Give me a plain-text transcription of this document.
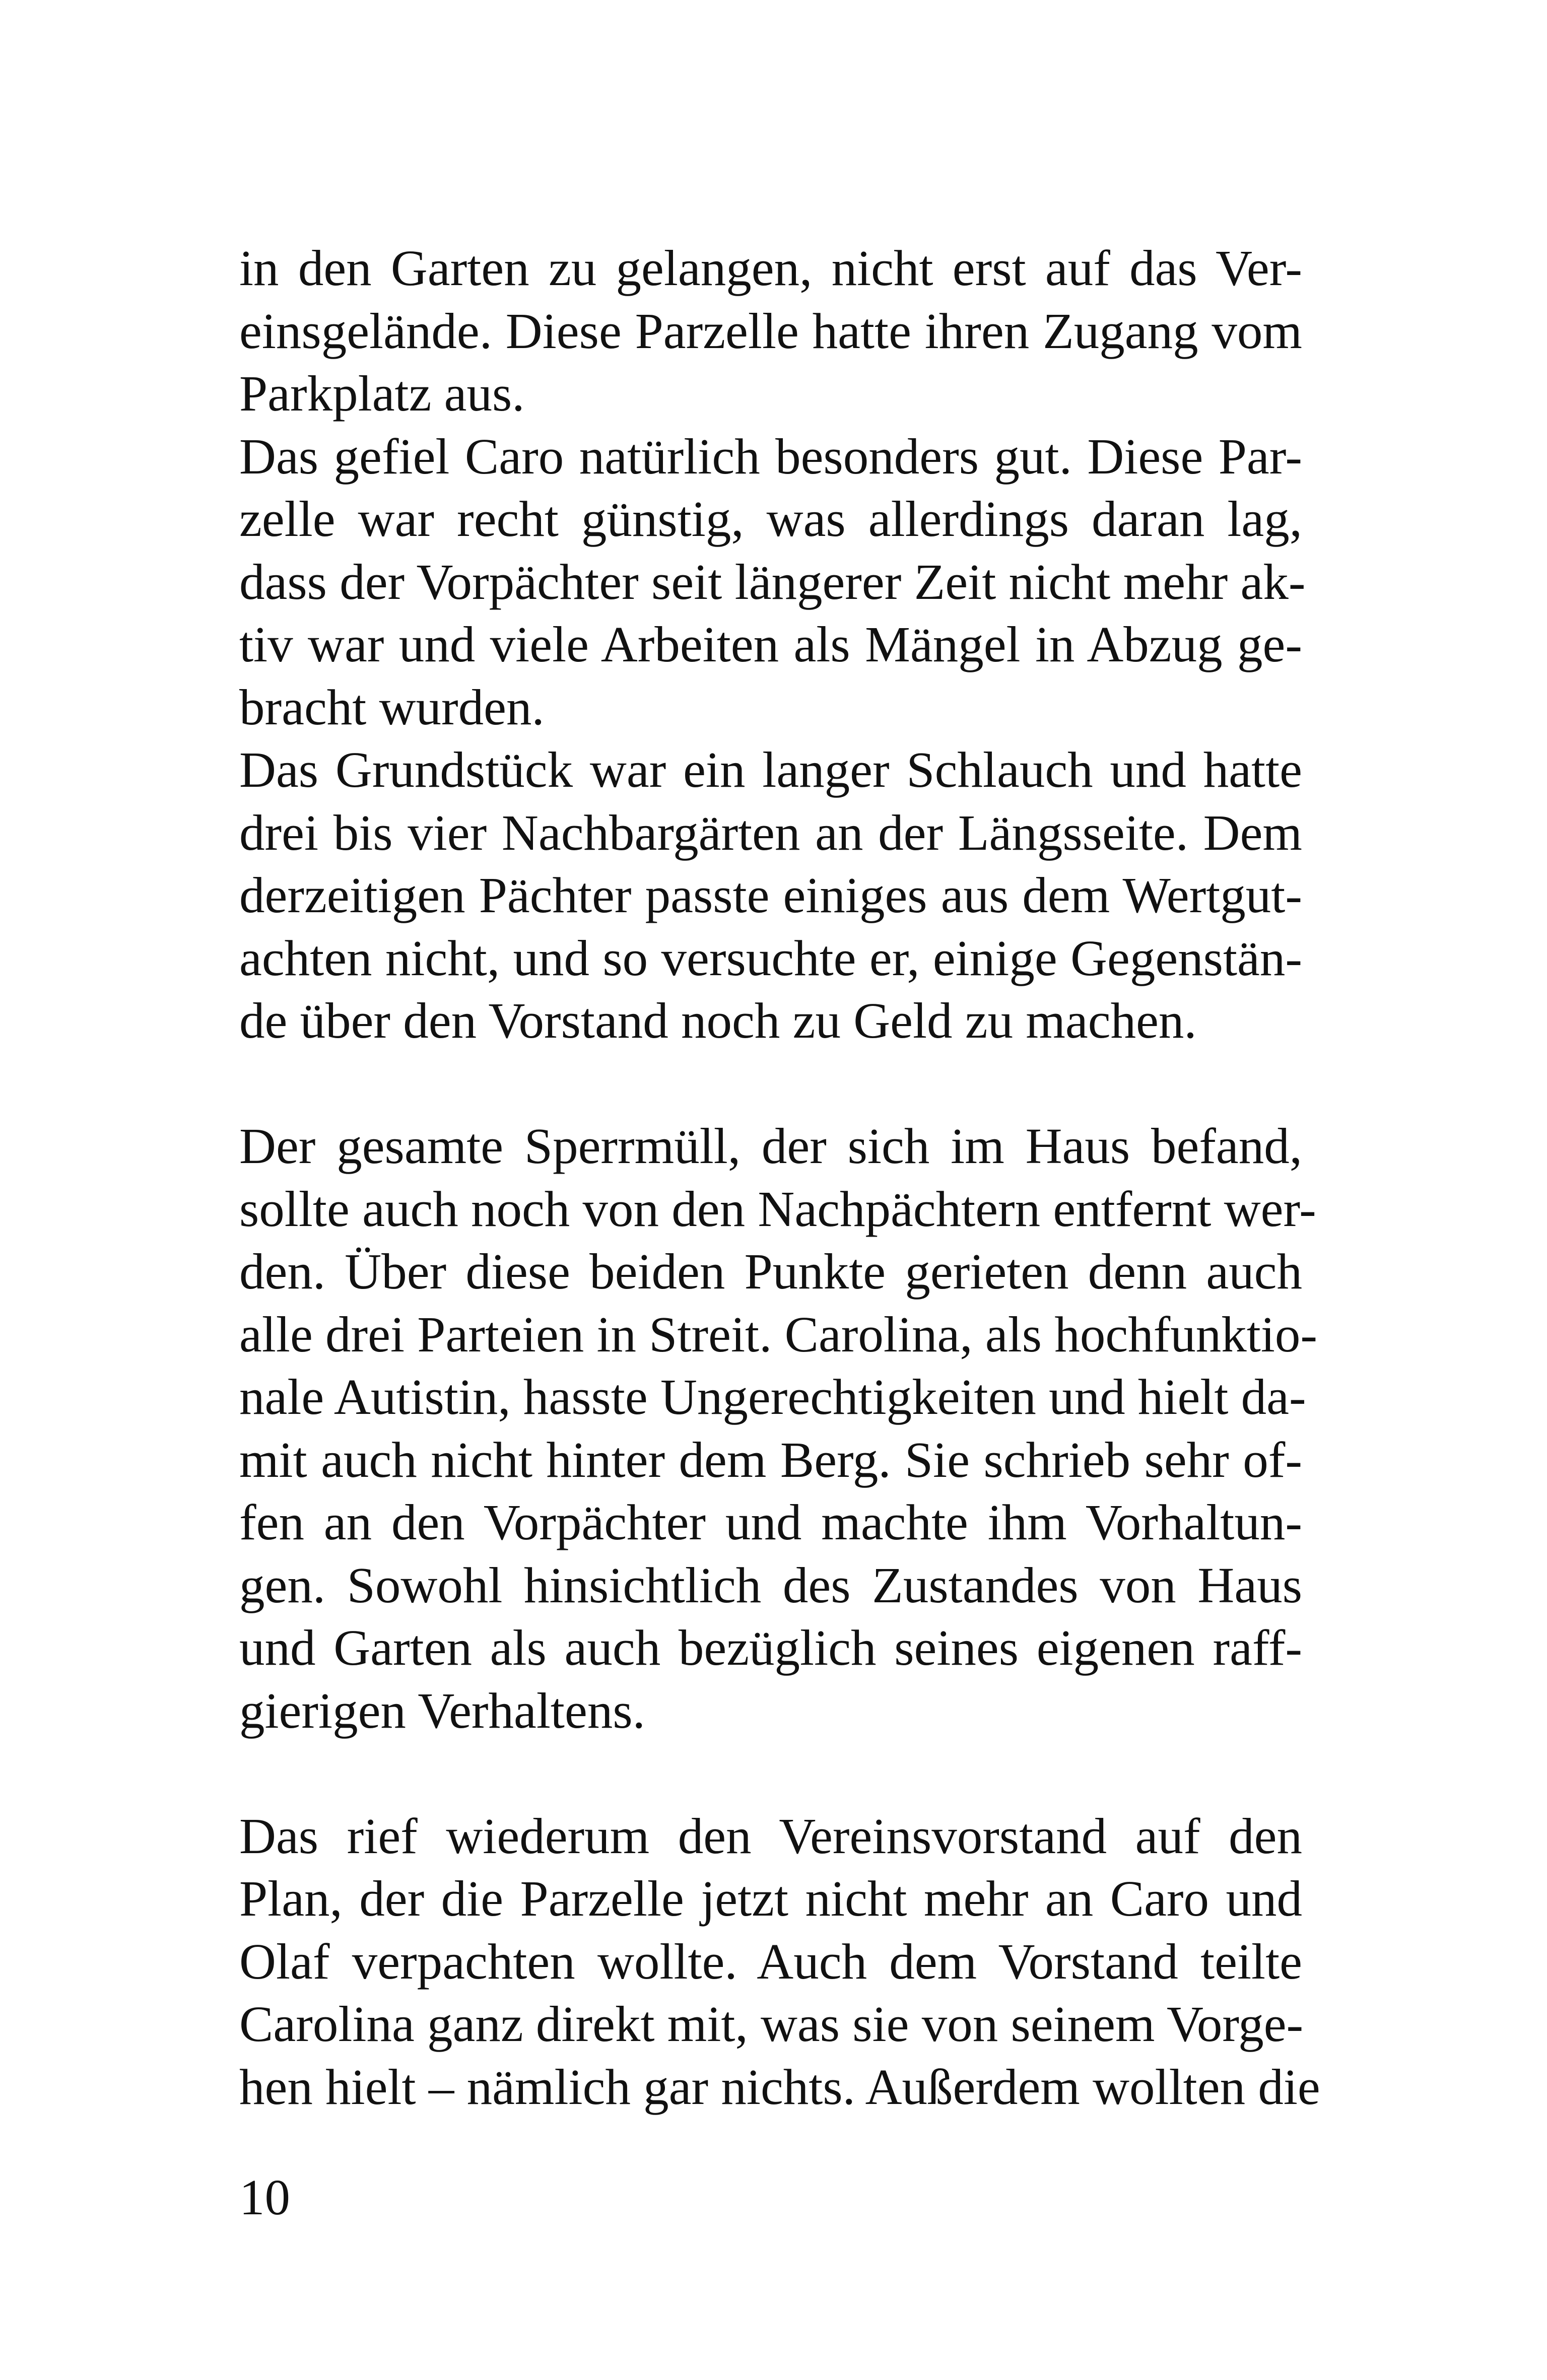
in den Garten zu gelangen, nicht erst auf das Ver-
einsgelände. Diese Parzelle hatte ihren Zugang vom
Parkplatz aus.
Das gefiel Caro natürlich besonders gut. Diese Par-
zelle war recht günstig, was allerdings daran lag,
dass der Vorpächter seit längerer Zeit nicht mehr ak-
tiv war und viele Arbeiten als Mängel in Abzug ge-
bracht wurden.
Das Grundstück war ein langer Schlauch und hatte
drei bis vier Nachbargärten an der Längsseite. Dem
derzeitigen Pächter passte einiges aus dem Wertgut-
achten nicht, und so versuchte er, einige Gegenstän-
de über den Vorstand noch zu Geld zu machen.
Der gesamte Sperrmüll, der sich im Haus befand,
sollte auch noch von den Nachpächtern entfernt wer-
den. Über diese beiden Punkte gerieten denn auch
alle drei Parteien in Streit. Carolina, als hochfunktio-
nale Autistin, hasste Ungerechtigkeiten und hielt da-
mit auch nicht hinter dem Berg. Sie schrieb sehr of-
fen an den Vorpächter und machte ihm Vorhaltun-
gen. Sowohl hinsichtlich des Zustandes von Haus
und Garten als auch bezüglich seines eigenen raff-
gierigen Verhaltens.
Das rief wiederum den Vereinsvorstand auf den
Plan, der die Parzelle jetzt nicht mehr an Caro und
Olaf verpachten wollte. Auch dem Vorstand teilte
Carolina ganz direkt mit, was sie von seinem Vorge-
hen hielt – nämlich gar nichts. Außerdem wollten die
10
